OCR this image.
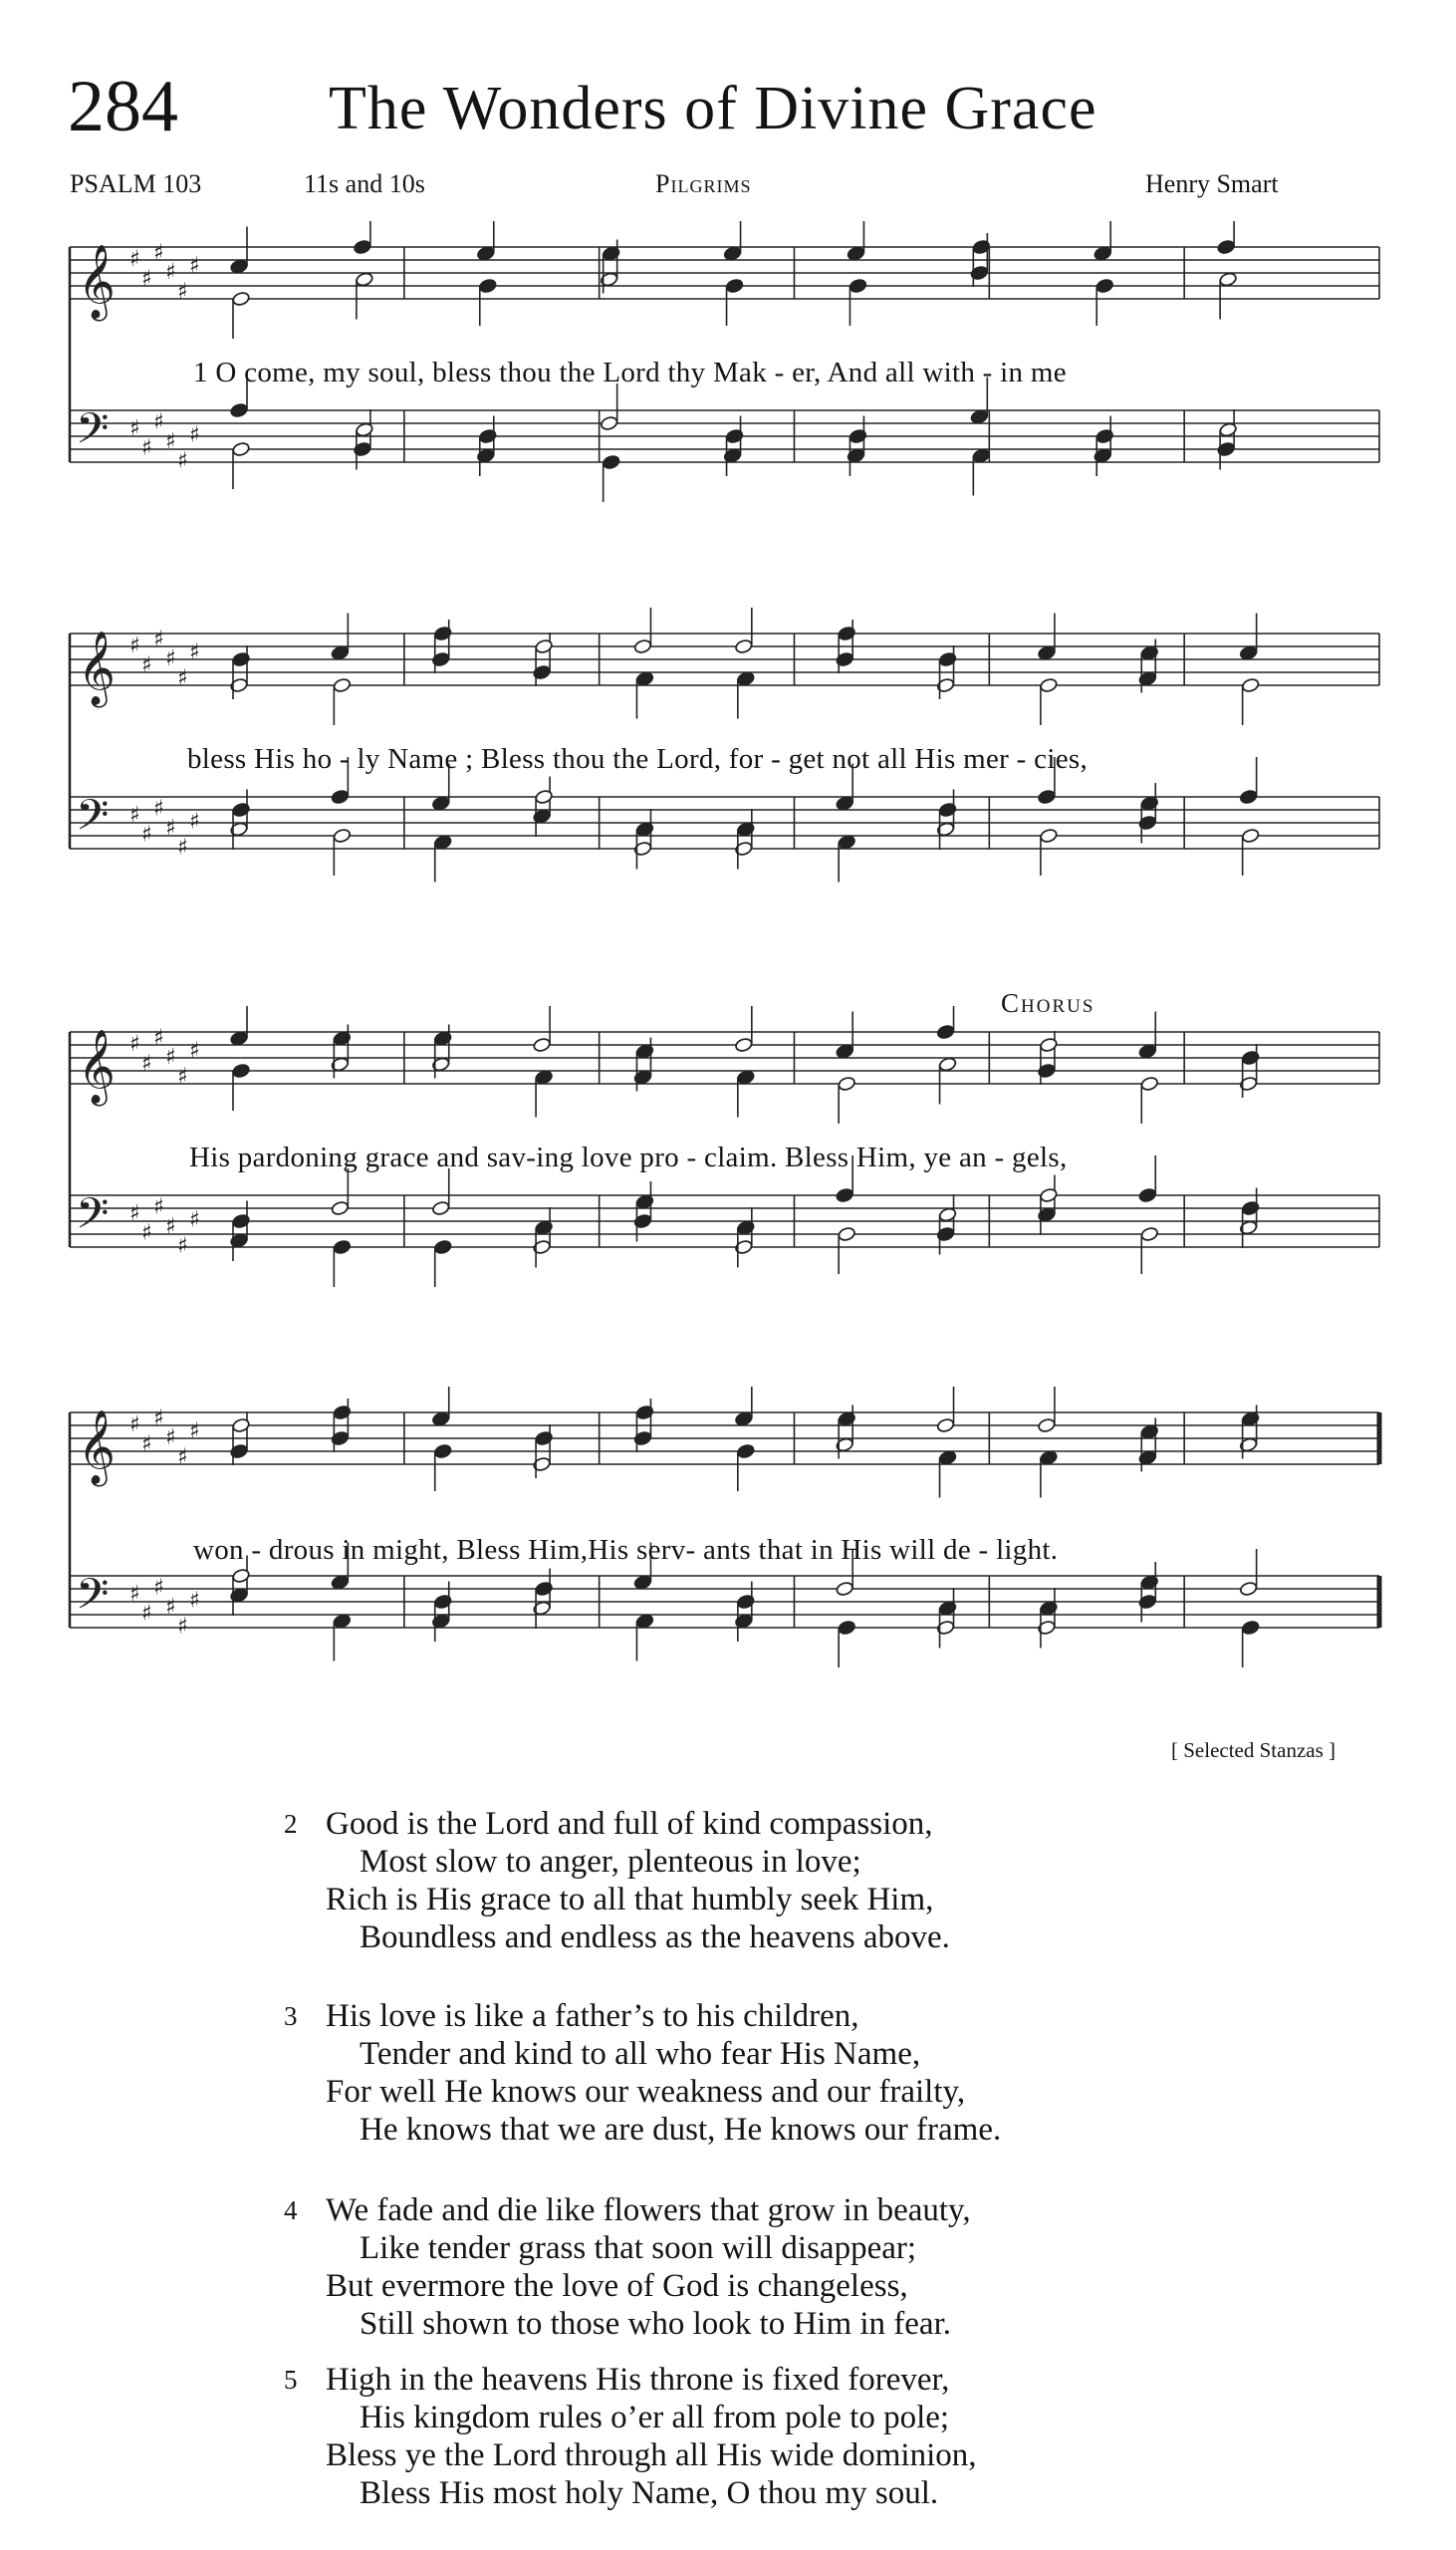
284 The Wonders of Divine Grace
PSALM 103	11s and 10s	Pilgrims	Henry Smart
𝄞
𝄢
♯
♯
♯
♯
♯
♯
♯
♯
♯
♯
♯
♯
1 O come, my soul, bless thou the Lord thy Mak - er, And all with - in me
𝄞
𝄢
♯
♯
♯
♯
♯
♯
♯
♯
♯
♯
♯
♯
bless His ho - ly Name ; Bless thou the Lord, for - get not all His mer - cies,
Chorus
𝄞
𝄢
♯
♯
♯
♯
♯
♯
♯
♯
♯
♯
♯
♯
His pardoning grace and sav-ing love pro - claim. Bless Him, ye an - gels,
𝄞
𝄢
♯
♯
♯
♯
♯
♯
♯
♯
♯
♯
♯
♯
won - drous in might, Bless Him,His serv- ants that in His will de - light.
[ Selected Stanzas ]
2 Good is the Lord and full of kind compassion,
Most slow to anger, plenteous in love;
Rich is His grace to all that humbly seek Him,
Boundless and endless as the heavens above.
3 His love is like a father’s to his children,
Tender and kind to all who fear His Name,
For well He knows our weakness and our frailty,
He knows that we are dust, He knows our frame.
4 We fade and die like flowers that grow in beauty,
Like tender grass that soon will disappear;
But evermore the love of God is changeless,
Still shown to those who look to Him in fear.
5 High in the heavens His throne is fixed forever,
His kingdom rules o’er all from pole to pole;
Bless ye the Lord through all His wide dominion,
Bless His most holy Name, O thou my soul.
